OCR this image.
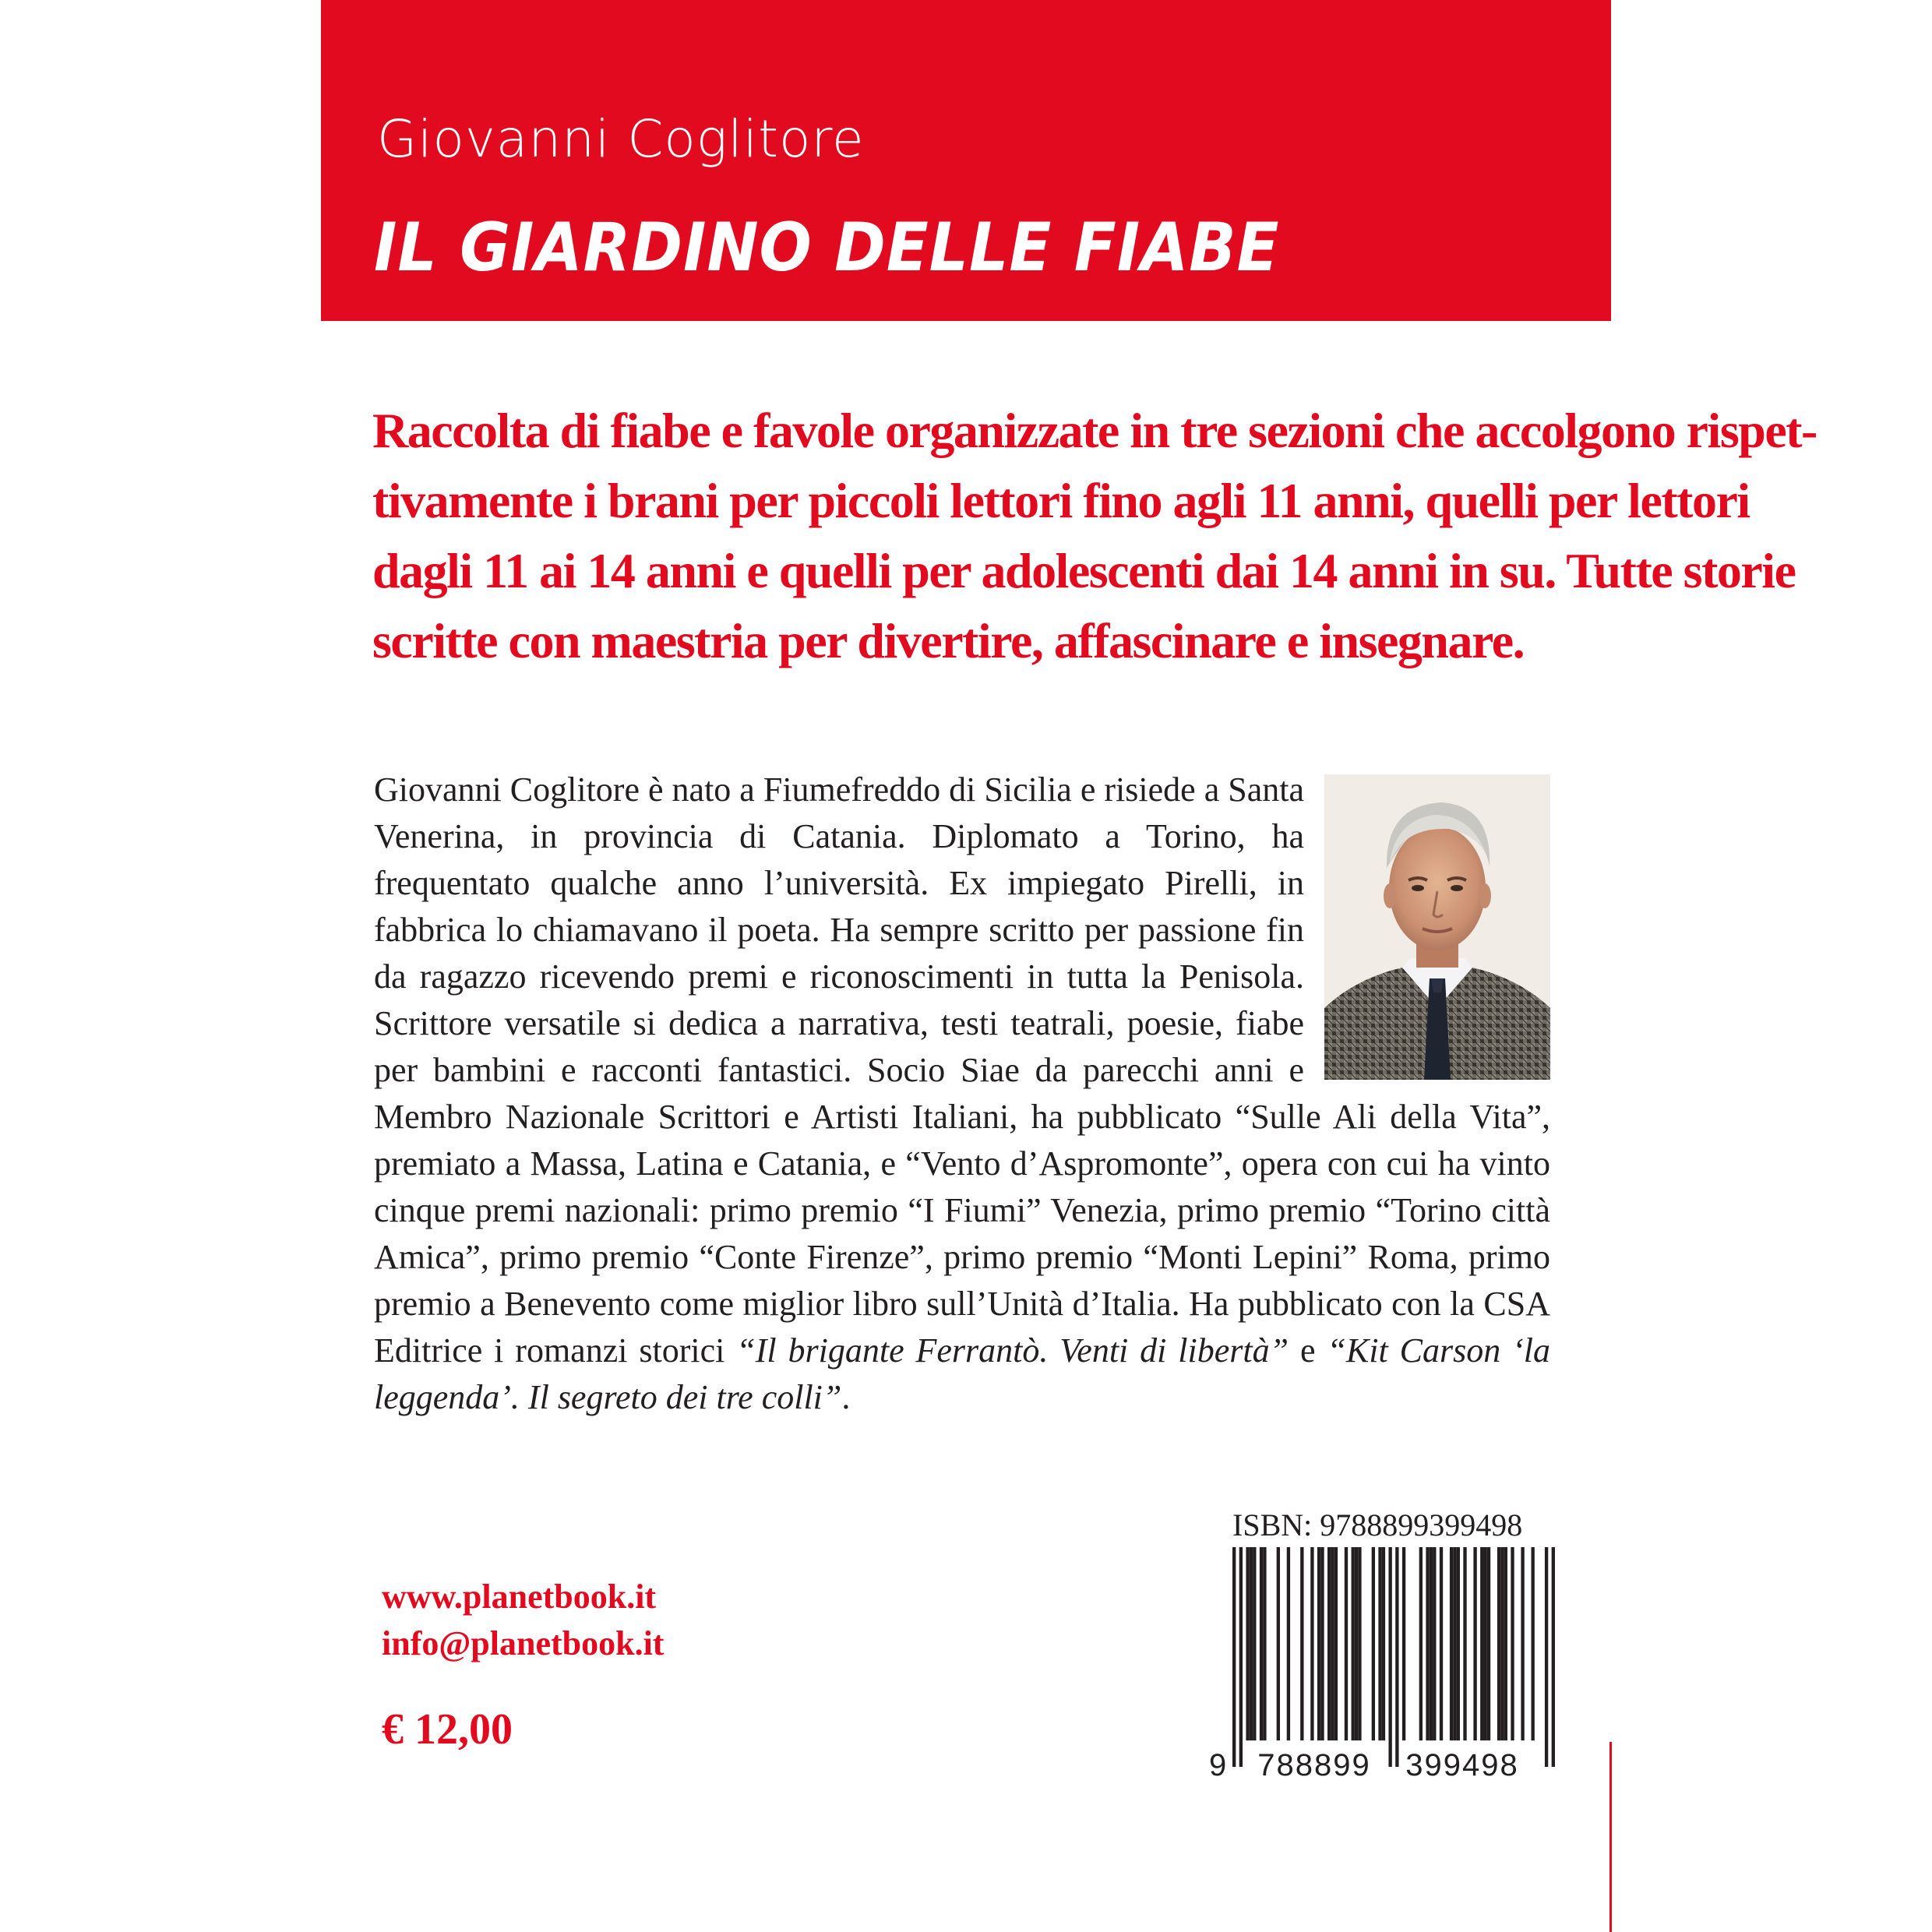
Giovanni Coglitore
IL GIARDINO DELLE FIABE
Raccolta di fiabe e favole organizzate in tre sezioni che accolgono rispet-
tivamente i brani per piccoli lettori fino agli 11 anni, quelli per lettori
dagli 11 ai 14 anni e quelli per adolescenti dai 14 anni in su. Tutte storie
scritte con maestria per divertire, affascinare e insegnare.
Giovanni Coglitore è nato a Fiumefreddo di Sicilia e risiede a Santa Venerina, in provincia di Catania. Diplomato a Torino, ha frequentato qualche anno l’università. Ex impiegato Pirelli, in fabbrica lo chiamavano il poeta. Ha sempre scritto per passione fin da ragazzo ricevendo premi e riconoscimenti in tutta la Penisola. Scrittore versatile si dedica a narrativa, testi teatrali, poesie, fiabe per bambini e racconti fantastici. Socio Siae da parecchi anni e Membro Nazionale Scrittori e Artisti Italiani, ha pubblicato “Sulle Ali della Vita”, premiato a Massa, Latina e Catania, e “Vento d’Aspromonte”, opera con cui ha vinto cinque premi nazionali: primo premio “I Fiumi” Venezia, primo premio “Torino città Amica”, primo premio “Conte Firenze”, primo premio “Monti Lepini” Roma, primo premio a Benevento come miglior libro sull’Unità d’Italia. Ha pubblicato con la CSA Editrice i romanzi storici “Il brigante Ferrantò. Venti di libertà” e “Kit Carson ‘la leggenda’. Il segreto dei tre colli”.
www.planetbook.it
info@planetbook.it
€ 12,00
ISBN: 9788899399498
9 788899 399498
